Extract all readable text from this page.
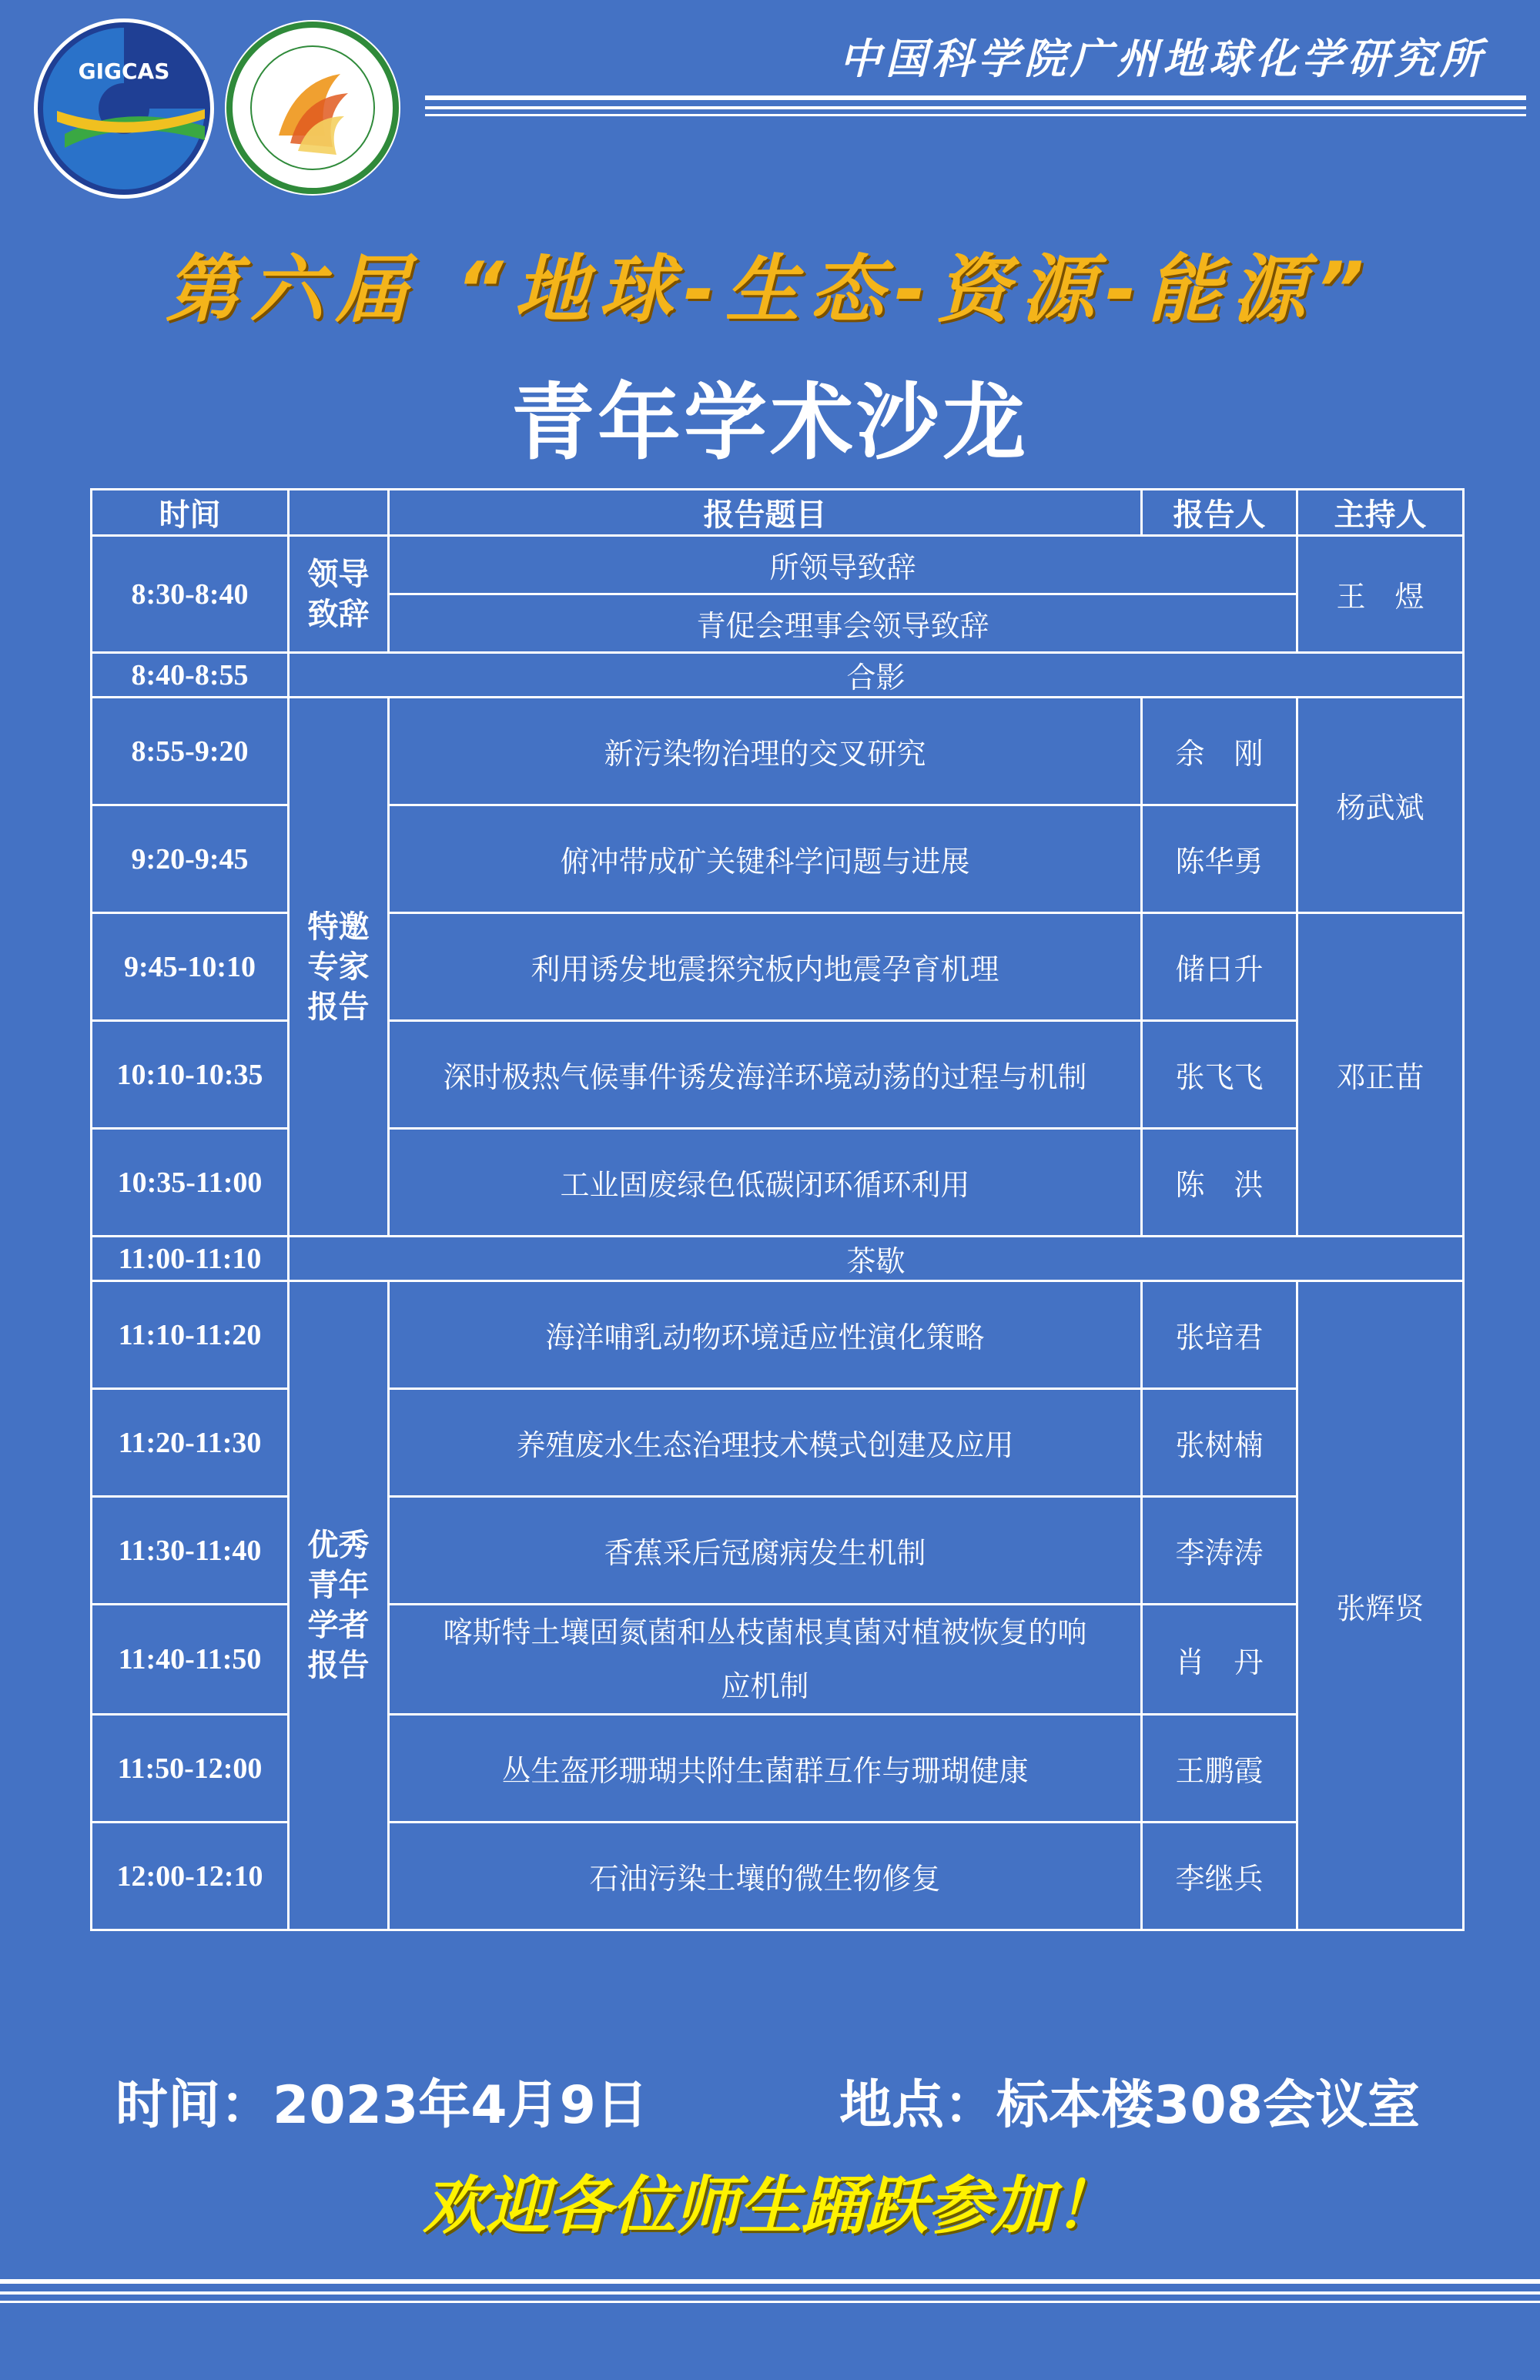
GIGCAS	中国科学院广州地球化学研究所
第六届 “地球-生态-资源-能源”
青年学术沙龙
时间		报告题目	报告人	主持人
8:30-8:40	领导致辞	所领导致辞		王　煜
		青促会理事会领导致辞		
8:40-8:55	合影			
8:55-9:20	特邀专家报告	新污染物治理的交叉研究	余　刚	杨武斌
9:20-9:45		俯冲带成矿关键科学问题与进展	陈华勇	
9:45-10:10		利用诱发地震探究板内地震孕育机理	储日升	邓正苗
10:10-10:35		深时极热气候事件诱发海洋环境动荡的过程与机制	张飞飞	
10:35-11:00		工业固废绿色低碳闭环循环利用	陈　洪	
11:00-11:10	茶歇			
11:10-11:20	优秀青年学者报告	海洋哺乳动物环境适应性演化策略	张培君	张辉贤
11:20-11:30		养殖废水生态治理技术模式创建及应用	张树楠	
11:30-11:40		香蕉采后冠腐病发生机制	李涛涛	
11:40-11:50		喀斯特土壤固氮菌和丛枝菌根真菌对植被恢复的响应机制	肖　丹	
11:50-12:00		丛生盔形珊瑚共附生菌群互作与珊瑚健康	王鹏霞	
12:00-12:10		石油污染土壤的微生物修复	李继兵	
时间：2023年4月9日	地点：标本楼308会议室
欢迎各位师生踊跃参加！
